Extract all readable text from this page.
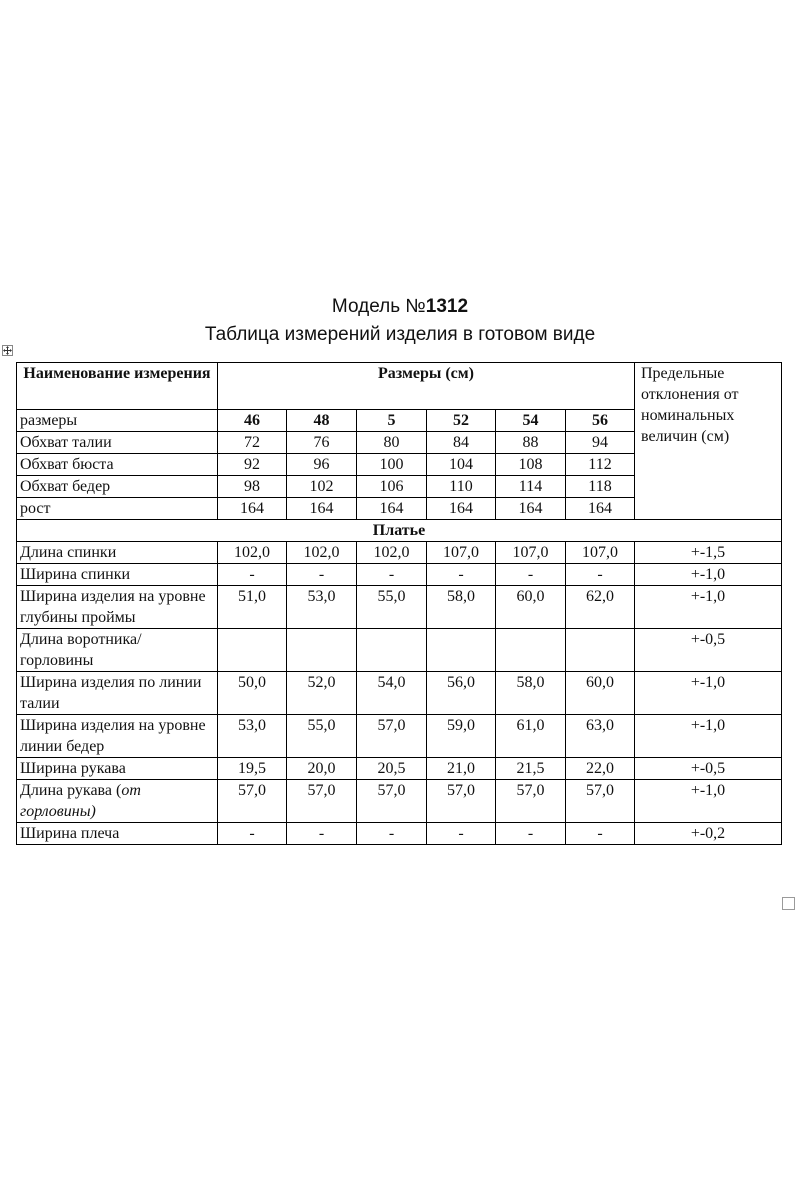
Модель №1312
Таблица измерений изделия в готовом виде
Наименование измерения	Размеры (см)						Предельные отклонения от номинальных величин (см)
размеры	46	48	5	52	54	56	
Обхват талии	72	76	80	84	88	94	
Обхват бюста	92	96	100	104	108	112	
Обхват бедер	98	102	106	110	114	118	
рост	164	164	164	164	164	164	
Платье							
Длина спинки	102,0	102,0	102,0	107,0	107,0	107,0	+-1,5
Ширина спинки	-	-	-	-	-	-	+-1,0
Ширина изделия на уровне глубины проймы	51,0	53,0	55,0	58,0	60,0	62,0	+-1,0
Длина воротника/горловины							+-0,5
Ширина изделия по линии талии	50,0	52,0	54,0	56,0	58,0	60,0	+-1,0
Ширина изделия на уровне линии бедер	53,0	55,0	57,0	59,0	61,0	63,0	+-1,0
Ширина рукава	19,5	20,0	20,5	21,0	21,5	22,0	+-0,5
Длина рукава (от горловины)	57,0	57,0	57,0	57,0	57,0	57,0	+-1,0
Ширина плеча	-	-	-	-	-	-	+-0,2
